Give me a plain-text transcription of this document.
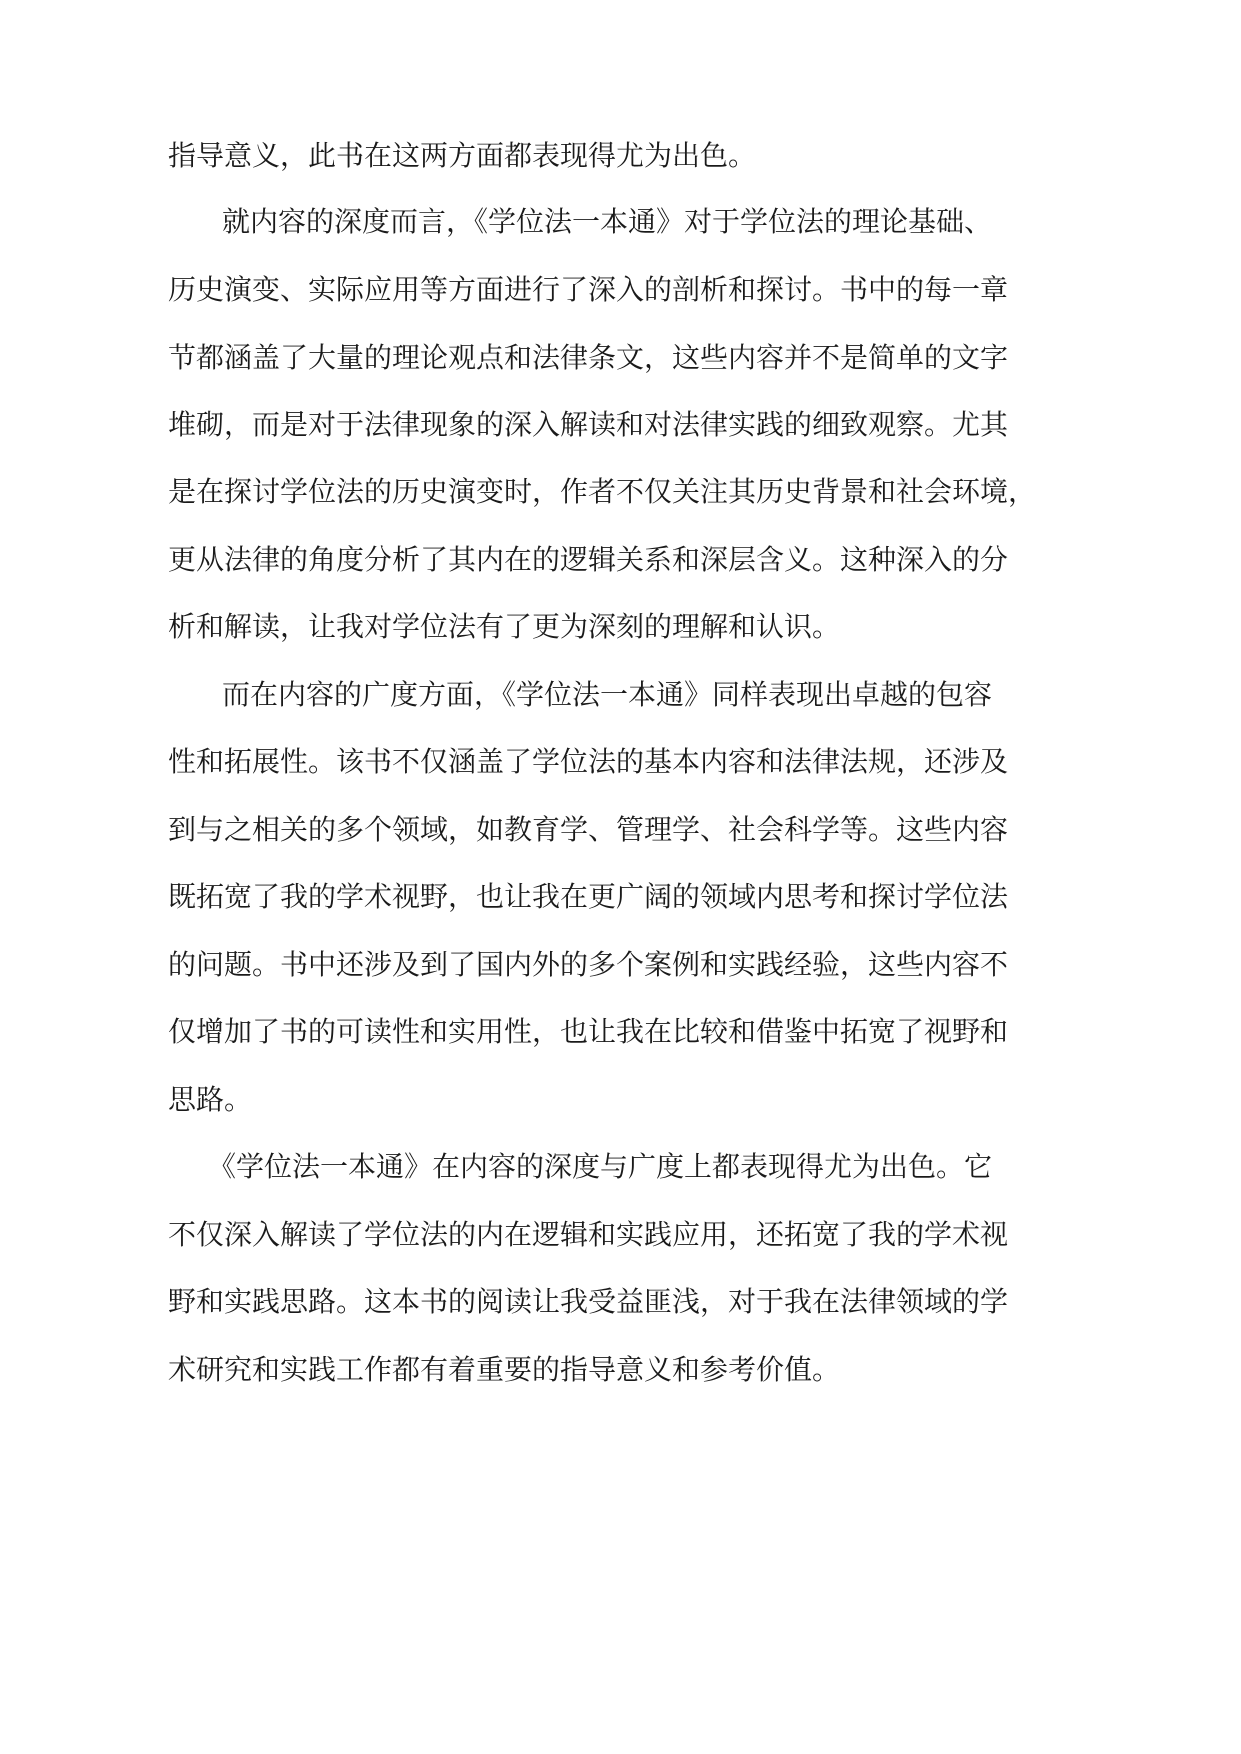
指导意义，此书在这两方面都表现得尤为出色。
就内容的深度而言，《学位法一本通》对于学位法的理论基础、
历史演变、实际应用等方面进行了深入的剖析和探讨。书中的每一章
节都涵盖了大量的理论观点和法律条文，这些内容并不是简单的文字
堆砌，而是对于法律现象的深入解读和对法律实践的细致观察。尤其
是在探讨学位法的历史演变时，作者不仅关注其历史背景和社会环境，
更从法律的角度分析了其内在的逻辑关系和深层含义。这种深入的分
析和解读，让我对学位法有了更为深刻的理解和认识。
而在内容的广度方面，《学位法一本通》同样表现出卓越的包容
性和拓展性。该书不仅涵盖了学位法的基本内容和法律法规，还涉及
到与之相关的多个领域，如教育学、管理学、社会科学等。这些内容
既拓宽了我的学术视野，也让我在更广阔的领域内思考和探讨学位法
的问题。书中还涉及到了国内外的多个案例和实践经验，这些内容不
仅增加了书的可读性和实用性，也让我在比较和借鉴中拓宽了视野和
思路。
《学位法一本通》在内容的深度与广度上都表现得尤为出色。它
不仅深入解读了学位法的内在逻辑和实践应用，还拓宽了我的学术视
野和实践思路。这本书的阅读让我受益匪浅，对于我在法律领域的学
术研究和实践工作都有着重要的指导意义和参考价值。
